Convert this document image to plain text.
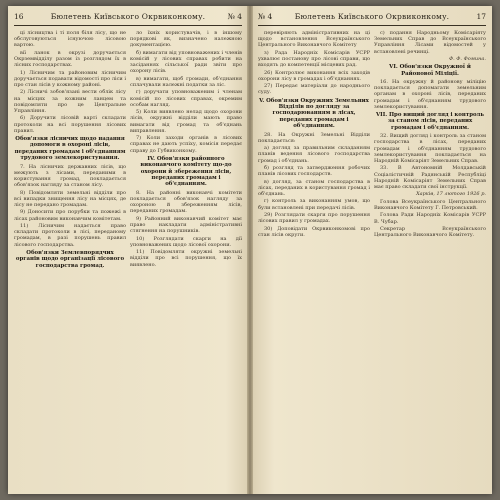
16	Бюлетень Київського Окрвиконкому.	№ 4

ці лісництва і ті поля біля лісу, що не обслуговуються існуючою лісовою вартою.

вії ланок в окрузі доручається Окрземвідділу разом із розглядом їх в лісних господарствах.

1) Лісничим та районовим лісничим доручається подавати відомості про ліси і про стан лісів у кожному районі.

2) Лісничі зобов'язані вести облік лісу на місцях за кожним ланцем та повідомляти про це Центральне Управління.

6) Доручити лісовій варті складати протоколи на всі порушення лісових правил.

Обов'язки лісничих щодо надання допомоги в охороні лісів, переданих громадам і об'єднанням трудового землекористування.

7. На лісничих державних лісів, що межують з лісами, переданими в користування громад, покладається обов'язок нагляду за станом лісу.

8) Повідомляти земельні відділи про всі випадки знищення лісу на місцях, де лісу не передано громадам.

9) Доносити про порубки та пожежі в лісах районовим виконавчим комітетам.

11) Лісничим надається право складати протоколи в лісі, переданому громадам, в разі порушень правил лісового господарства.

Обов'язки Землевпорядчих органів щодо організації лісового господарства громад.

ло їхніх користувачів, і в іншому порядкові як, визначено належною документацією.

б) вимагати від уповноважених і членів комісій у лісових справах робити на засіданнях сільської ради звіти про охорону лісів.

в) вимагати, щоб громади, об'єднання сплачували належні податки за ліс.

г) доручати уповноваженим і членам комісій по лісових справах, окремим особам нагляд.

5) Коли виявлено нелад щодо охорони лісів, окружні відділи мають право вимагати від громад та об'єднань виправлення.

7) Коли заходи органів в лісових справах не дають успіху, комісія передає справу до Губвиконкому.

IV. Обов'язки районного виконавчого комітету що-до охорони й збереження лісів, переданих громадам і об'єднанням.

8. На районні виконавчі комітети покладається обов'язок нагляду за охороною й збереженням лісів, переданих громадам.

9) Районний виконавчий комітет має право накладати адміністративні стягнення на порушників.

10) Розглядати скарги на дії уповноважених щодо лісової охорони.

11) Повідомляти окружні земельні відділи про всі порушення, що їх виявлено.

№ 4	Бюлетень Київського Окрвиконкому.	17

перевіряють адміністративних на ці щодо встановлення Всеукраїнського Центрального Виконавчого Комітету

з) Рада Народніх Комісарів УСРР ухвалює постанову про лісові справи, що входять до компетенції місцевих рад.

26) Контролює виконання всіх заходів охорони лісу в громадах і об'єднаннях.

27) Передає матеріали до народнього суду.

V. Обов'язки Окружних Земельних Відділів по догляду за господарюванням в лісах, переданих громадам і об'єднанням.

28. На Окружні Земельні Відділи покладається:

а) догляд за правильним складанням планів ведення лісового господарства громад і об'єднань.

б) розгляд та затвердження робочих планів лісових господарств.

в) догляд, за станом господарства в лісах, переданих в користування громад і об'єднань.

г) контроль за виконанням умов, що були встановлені при передачі лісів.

29) Розглядати скарги про порушення лісових правил у громадах.

30) Доповідати Окрвиконкомові про стан лісів округи.

с) подання Народньому Комісаріяту Земельних Справ до Всеукраїнського Управління Лісами відомостей у встановлені речинці.

Ф. Ф. Фомина.

VI. Обов'язки Окружної й Районової Міліції.

16. На окружну й районову міліцію покладається допомагати земельним органам в охороні лісів, переданих громадам і об'єднанням трудового землекористування.

VII. Про вищий догляд і контроль за станом лісів, переданих громадам і об'єднанням.

32. Вищий догляд і контроль за станом господарства в лісах, переданих громадам і об'єднанням трудового землекористування покладається на Народній Комісаріят Земельних Справ.

33. В Автономній Молдавській Соціалістичній Радянській Республіці Народній Комісаріят Земельних Справ має право складати свої інструкції.

Харків, 17 лютого 1926 р.

Голова Всеукраїнського Центрального Виконавчого Комітету Г. Петровський.

Голова Ради Народніх Комісарів УСРР В. Чубар.

Секретар Всеукраїнського Центрального Виконавчого Комітету.
